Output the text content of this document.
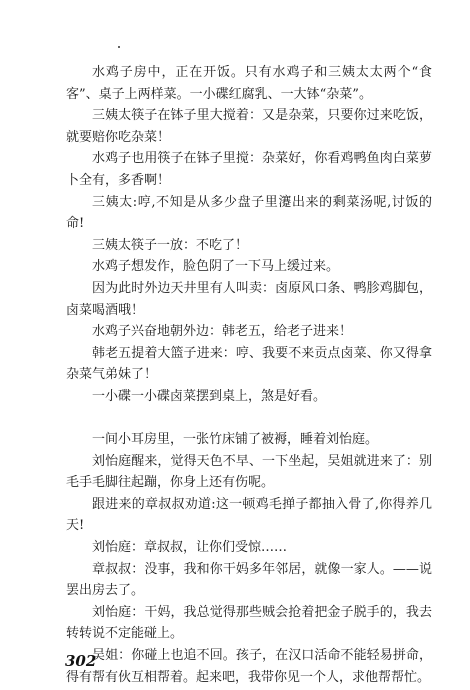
水鸡子房中，正在开饭。只有水鸡子和三姨太太两个“食客”、桌子上两样菜。一小碟红腐乳、一大钵“杂菜”。

三姨太筷子在钵子里大搅着：又是杂菜，只要你过来吃饭，就要赔你吃杂菜！

水鸡子也用筷子在钵子里搅：杂菜好，你看鸡鸭鱼肉白菜萝卜全有，多香啊！

三姨太:哼,不知是从多少盘子里瀽出来的剩菜汤呢,讨饭的命!

三姨太筷子一放：不吃了！

水鸡子想发作，脸色阴了一下马上缓过来。

因为此时外边天井里有人叫卖：卤原风口条、鸭胗鸡脚包，卤菜喝酒哦！

水鸡子兴奋地朝外边：韩老五，给老子进来！

韩老五提着大篮子进来：哼、我要不来贡点卤菜、你又得拿杂菜气弟妹了！

一小碟一小碟卤菜摆到桌上，煞是好看。

一间小耳房里，一张竹床铺了被褥，睡着刘怡庭。

刘怡庭醒来，觉得天色不早、一下坐起，吴姐就进来了：别毛手毛脚往起蹦，你身上还有伤呢。

跟进来的章叔叔劝道:这一顿鸡毛掸子都抽入骨了,你得养几天!

刘怡庭：章叔叔，让你们受惊……

章叔叔：没事，我和你干妈多年邻居，就像一家人。——说罢出房去了。

刘怡庭：干妈，我总觉得那些贼会抢着把金子脱手的，我去转转说不定能碰上。

吴姐：你碰上也追不回。孩子，在汉口活命不能轻易拼命，得有帮有伙互相帮着。起来吧，我带你见一个人，求他帮帮忙。

302
